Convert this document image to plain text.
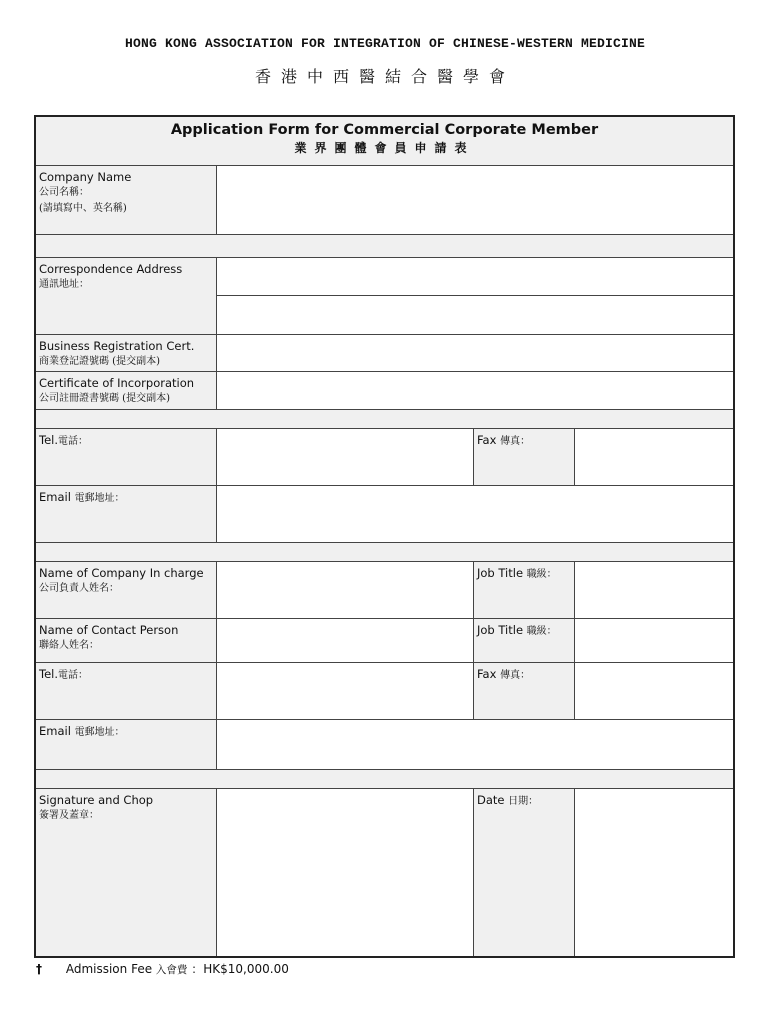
HONG KONG ASSOCIATION FOR INTEGRATION OF CHINESE-WESTERN MEDICINE
香港中西醫結合醫學會
Application Form for Commercial Corporate Member
業界團體會員申請表
Company Name
公司名稱：
(請填寫中、英名稱)
Correspondence Address
通訊地址：
Business Registration Cert.
商業登記證號碼 (提交副本)
Certificate of Incorporation
公司註冊證書號碼 (提交副本)
Tel.電話：	Fax 傳真：
Email 電郵地址：
Name of Company In charge
公司負責人姓名：
Job Title 職級：
Name of Contact Person
聯絡人姓名：
Job Title 職級：
Tel.電話：	Fax 傳真：
Email 電郵地址：
Signature and Chop
簽署及蓋章：
Date 日期：
† Admission Fee 入會費 ：HK$10,000.00
